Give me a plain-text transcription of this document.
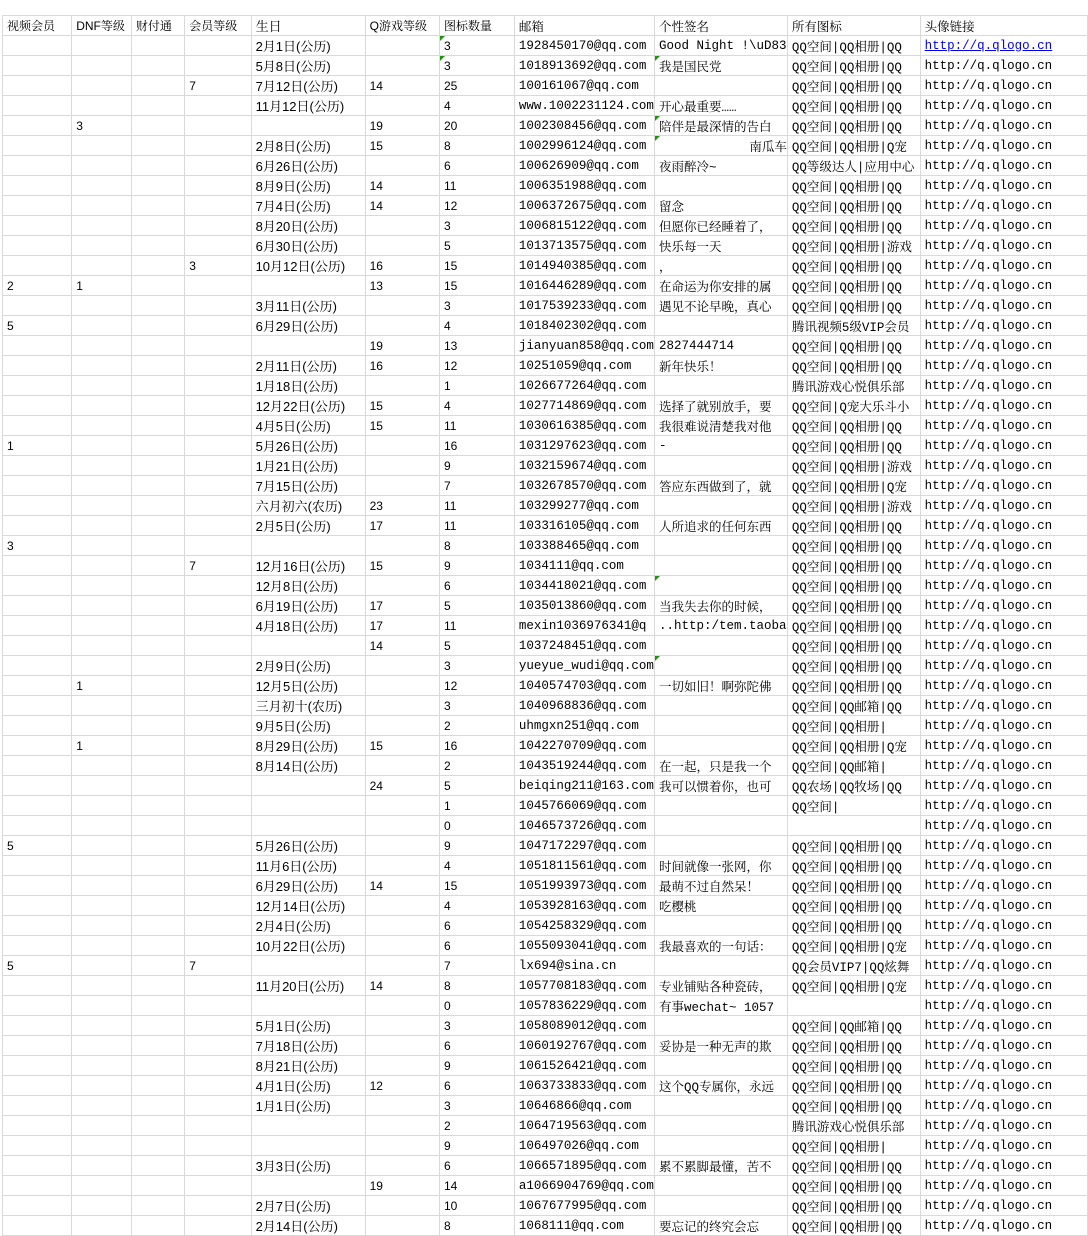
视频会员	DNF等级	财付通	会员等级	生日	Q游戏等级	图标数量	邮箱	个性签名	所有图标	头像链接
				2月1日(公历)		3	1928450170@qq.com	Good Night !\uD83	QQ空间|QQ相册|QQ	http://q.qlogo.cn
				5月8日(公历)		3	1018913692@qq.com	我是国民党	QQ空间|QQ相册|QQ	http://q.qlogo.cn
			7	7月12日(公历)	14	25	100161067@qq.com		QQ空间|QQ相册|QQ	http://q.qlogo.cn
				11月12日(公历)		4	www.1002231124.com	开心最重要……	QQ空间|QQ相册|QQ	http://q.qlogo.cn
	3				19	20	1002308456@qq.com	陪伴是最深情的告白	QQ空间|QQ相册|QQ	http://q.qlogo.cn
				2月8日(公历)	15	8	1002996124@qq.com	南瓜车	QQ空间|QQ相册|Q宠	http://q.qlogo.cn
				6月26日(公历)		6	100626909@qq.com	夜雨醉冷~	QQ等级达人|应用中心	http://q.qlogo.cn
				8月9日(公历)	14	11	1006351988@qq.com		QQ空间|QQ相册|QQ	http://q.qlogo.cn
				7月4日(公历)	14	12	1006372675@qq.com	留念	QQ空间|QQ相册|QQ	http://q.qlogo.cn
				8月20日(公历)		3	1006815122@qq.com	但愿你已经睡着了，	QQ空间|QQ相册|QQ	http://q.qlogo.cn
				6月30日(公历)		5	1013713575@qq.com	快乐每一天	QQ空间|QQ相册|游戏	http://q.qlogo.cn
			3	10月12日(公历)	16	15	1014940385@qq.com	，	QQ空间|QQ相册|QQ	http://q.qlogo.cn
2	1				13	15	1016446289@qq.com	在命运为你安排的属	QQ空间|QQ相册|QQ	http://q.qlogo.cn
				3月11日(公历)		3	1017539233@qq.com	遇见不论早晚，真心	QQ空间|QQ相册|QQ	http://q.qlogo.cn
5				6月29日(公历)		4	1018402302@qq.com		腾讯视频5级VIP会员	http://q.qlogo.cn
					19	13	jianyuan858@qq.com	2827444714	QQ空间|QQ相册|QQ	http://q.qlogo.cn
				2月11日(公历)	16	12	10251059@qq.com	新年快乐！	QQ空间|QQ相册|QQ	http://q.qlogo.cn
				1月18日(公历)		1	1026677264@qq.com		腾讯游戏心悦俱乐部	http://q.qlogo.cn
				12月22日(公历)	15	4	1027714869@qq.com	选择了就别放手，要	QQ空间|Q宠大乐斗小	http://q.qlogo.cn
				4月5日(公历)	15	11	1030616385@qq.com	我很难说清楚我对他	QQ空间|QQ相册|QQ	http://q.qlogo.cn
1				5月26日(公历)		16	1031297623@qq.com	-	QQ空间|QQ相册|QQ	http://q.qlogo.cn
				1月21日(公历)		9	1032159674@qq.com		QQ空间|QQ相册|游戏	http://q.qlogo.cn
				7月15日(公历)		7	1032678570@qq.com	答应东西做到了，就	QQ空间|QQ相册|Q宠	http://q.qlogo.cn
				六月初六(农历)	23	11	103299277@qq.com		QQ空间|QQ相册|游戏	http://q.qlogo.cn
				2月5日(公历)	17	11	103316105@qq.com	人所追求的任何东西	QQ空间|QQ相册|QQ	http://q.qlogo.cn
3						8	103388465@qq.com		QQ空间|QQ相册|QQ	http://q.qlogo.cn
			7	12月16日(公历)	15	9	1034111@qq.com		QQ空间|QQ相册|QQ	http://q.qlogo.cn
				12月8日(公历)		6	1034418021@qq.com		QQ空间|QQ相册|QQ	http://q.qlogo.cn
				6月19日(公历)	17	5	1035013860@qq.com	当我失去你的时候，	QQ空间|QQ相册|QQ	http://q.qlogo.cn
				4月18日(公历)	17	11	mexin1036976341@q	..http:/tem.taoba	QQ空间|QQ相册|QQ	http://q.qlogo.cn
					14	5	1037248451@qq.com		QQ空间|QQ相册|QQ	http://q.qlogo.cn
				2月9日(公历)		3	yueyue_wudi@qq.com		QQ空间|QQ相册|QQ	http://q.qlogo.cn
	1			12月5日(公历)		12	1040574703@qq.com	一切如旧！啊弥陀佛	QQ空间|QQ相册|QQ	http://q.qlogo.cn
				三月初十(农历)		3	1040968836@qq.com		QQ空间|QQ邮箱|QQ	http://q.qlogo.cn
				9月5日(公历)		2	uhmgxn251@qq.com		QQ空间|QQ相册|	http://q.qlogo.cn
	1			8月29日(公历)	15	16	1042270709@qq.com		QQ空间|QQ相册|Q宠	http://q.qlogo.cn
				8月14日(公历)		2	1043519244@qq.com	在一起，只是我一个	QQ空间|QQ邮箱|	http://q.qlogo.cn
					24	5	beiqing211@163.com	我可以惯着你，也可	QQ农场|QQ牧场|QQ	http://q.qlogo.cn
						1	1045766069@qq.com		QQ空间|	http://q.qlogo.cn
						0	1046573726@qq.com			http://q.qlogo.cn
5				5月26日(公历)		9	1047172297@qq.com		QQ空间|QQ相册|QQ	http://q.qlogo.cn
				11月6日(公历)		4	1051811561@qq.com	时间就像一张网，你	QQ空间|QQ相册|QQ	http://q.qlogo.cn
				6月29日(公历)	14	15	1051993973@qq.com	最萌不过自然呆！	QQ空间|QQ相册|QQ	http://q.qlogo.cn
				12月14日(公历)		4	1053928163@qq.com	吃樱桃	QQ空间|QQ相册|QQ	http://q.qlogo.cn
				2月4日(公历)		6	1054258329@qq.com		QQ空间|QQ相册|QQ	http://q.qlogo.cn
				10月22日(公历)		6	1055093041@qq.com	我最喜欢的一句话：	QQ空间|QQ相册|Q宠	http://q.qlogo.cn
5			7			7	lx694@sina.cn		QQ会员VIP7|QQ炫舞	http://q.qlogo.cn
				11月20日(公历)	14	8	1057708183@qq.com	专业铺贴各种瓷砖，	QQ空间|QQ相册|Q宠	http://q.qlogo.cn
						0	1057836229@qq.com	有事wechat~ 1057		http://q.qlogo.cn
				5月1日(公历)		3	1058089012@qq.com		QQ空间|QQ邮箱|QQ	http://q.qlogo.cn
				7月18日(公历)		6	1060192767@qq.com	妥协是一种无声的欺	QQ空间|QQ相册|QQ	http://q.qlogo.cn
				8月21日(公历)		9	1061526421@qq.com		QQ空间|QQ相册|QQ	http://q.qlogo.cn
				4月1日(公历)	12	6	1063733833@qq.com	这个QQ专属你，永远	QQ空间|QQ相册|QQ	http://q.qlogo.cn
				1月1日(公历)		3	10646866@qq.com		QQ空间|QQ相册|QQ	http://q.qlogo.cn
						2	1064719563@qq.com		腾讯游戏心悦俱乐部	http://q.qlogo.cn
						9	106497026@qq.com		QQ空间|QQ相册|	http://q.qlogo.cn
				3月3日(公历)		6	1066571895@qq.com	累不累脚最懂，苦不	QQ空间|QQ相册|QQ	http://q.qlogo.cn
					19	14	a1066904769@qq.com		QQ空间|QQ相册|QQ	http://q.qlogo.cn
				2月7日(公历)		10	1067677995@qq.com		QQ空间|QQ相册|QQ	http://q.qlogo.cn
				2月14日(公历)		8	1068111@qq.com	要忘记的终究会忘	QQ空间|QQ相册|QQ	http://q.qlogo.cn
